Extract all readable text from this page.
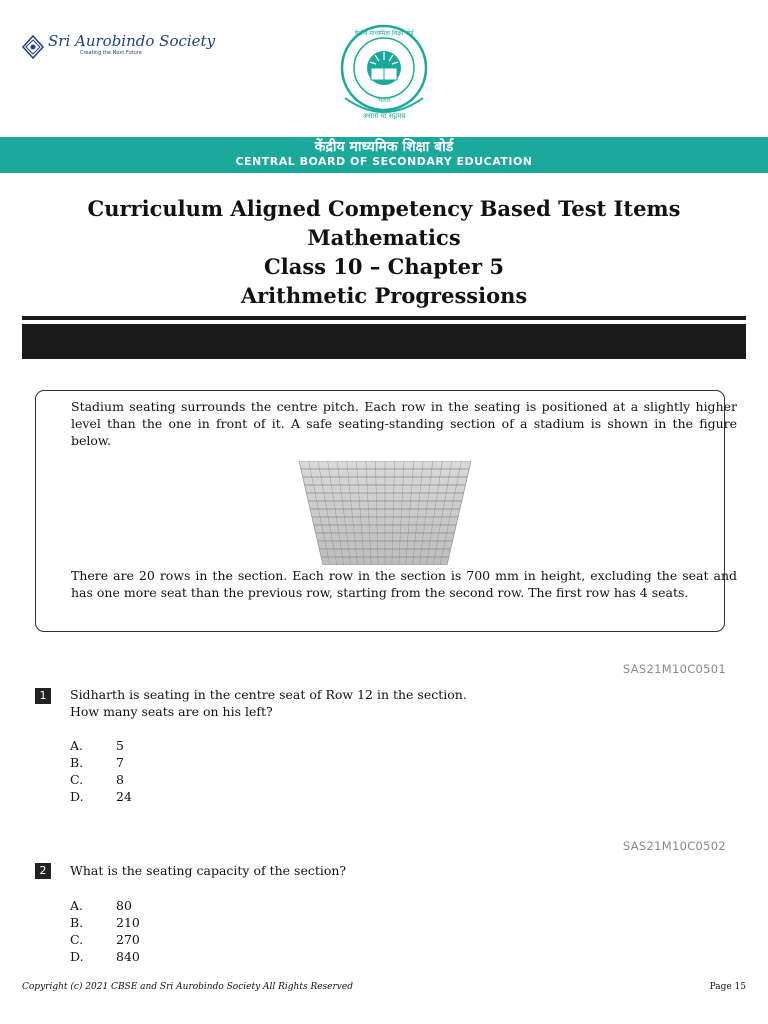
Sri Aurobindo Society
Creating the Next Future
भारत
असतो मा सद्गमय
केंद्रीय माध्यमिक शिक्षा बोर्ड
केंद्रीय माध्यमिक शिक्षा बोर्ड
CENTRAL BOARD OF SECONDARY EDUCATION
Curriculum Aligned Competency Based Test Items
Mathematics
Class 10 – Chapter 5
Arithmetic Progressions
Stadium seating surrounds the centre pitch. Each row in the seating is positioned at a slightly higher level than the one in front of it. A safe seating-standing section of a stadium is shown in the figure below.
There are 20 rows in the section. Each row in the section is 700 mm in height, excluding the seat and has one more seat than the previous row, starting from the second row. The first row has 4 seats.
SAS21M10C0501
1	Sidharth is seating in the centre seat of Row 12 in the section.
How many seats are on his left?
A.	5
B.	7
C.	8
D.	24
SAS21M10C0502
2	What is the seating capacity of the section?
A.	80
B.	210
C.	270
D.	840
Copyright (c) 2021 CBSE and Sri Aurobindo Society All Rights Reserved	Page 15
